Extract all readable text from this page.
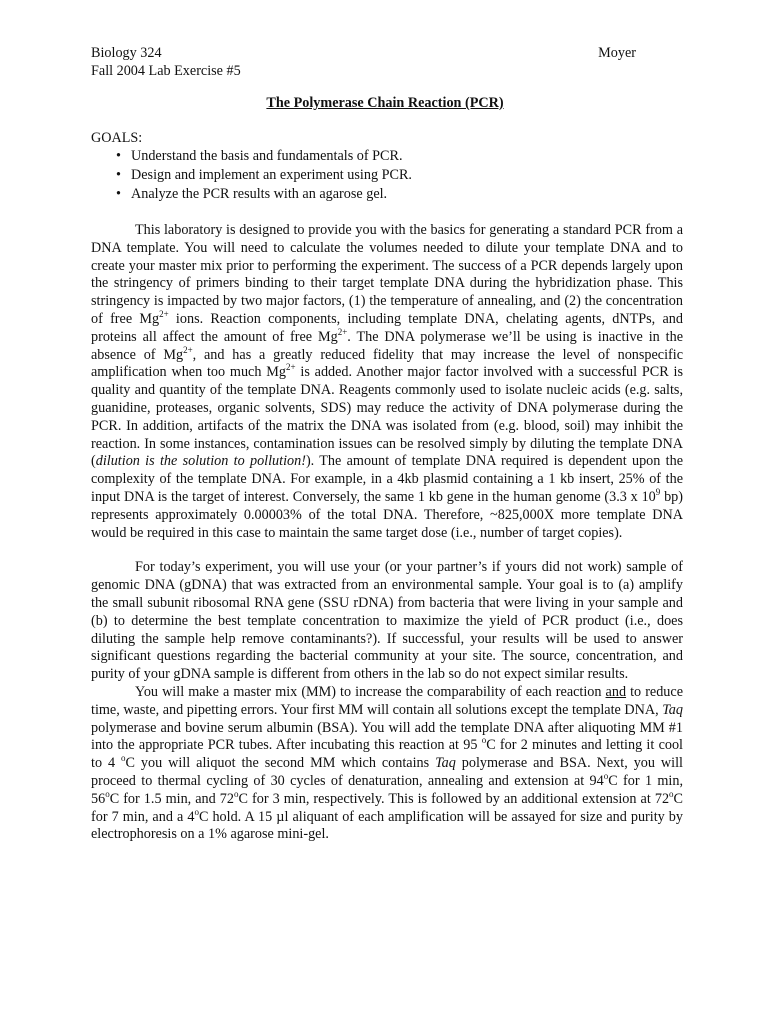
Biology 324
Fall 2004 Lab Exercise #5
Moyer
The Polymerase Chain Reaction (PCR)
GOALS:
• Understand the basis and fundamentals of PCR.
• Design and implement an experiment using PCR.
• Analyze the PCR results with an agarose gel.

This laboratory is designed to provide you with the basics for generating a standard PCR from a DNA template. You will need to calculate the volumes needed to dilute your template DNA and to create your master mix prior to performing the experiment. The success of a PCR depends largely upon the stringency of primers binding to their target template DNA during the hybridization phase. This stringency is impacted by two major factors, (1) the temperature of annealing, and (2) the concentration of free $Mg^{2+}$ ions. Reaction components, including template DNA, chelating agents, dNTPs, and proteins all affect the amount of free $Mg^{2+}$. The DNA polymerase we’ll be using is inactive in the absence of $Mg^{2+}$, and has a greatly reduced fidelity that may increase the level of nonspecific amplification when too much $Mg^{2+}$ is added. Another major factor involved with a successful PCR is quality and quantity of the template DNA. Reagents commonly used to isolate nucleic acids (e.g. salts, guanidine, proteases, organic solvents, SDS) may reduce the activity of DNA polymerase during the PCR. In addition, artifacts of the matrix the DNA was isolated from (e.g. blood, soil) may inhibit the reaction. In some instances, contamination issues can be resolved simply by diluting the template DNA (dilution is the solution to pollution!). The amount of template DNA required is dependent upon the complexity of the template DNA. For example, in a 4kb plasmid containing a 1 kb insert, 25% of the input DNA is the target of interest. Conversely, the same 1 kb gene in the human genome (3.3 x $10^9$ bp) represents approximately 0.00003% of the total DNA. Therefore, ~825,000X more template DNA would be required in this case to maintain the same target dose (i.e., number of target copies).

For today’s experiment, you will use your (or your partner’s if yours did not work) sample of genomic DNA (gDNA) that was extracted from an environmental sample. Your goal is to (a) amplify the small subunit ribosomal RNA gene (SSU rDNA) from bacteria that were living in your sample and (b) to determine the best template concentration to maximize the yield of PCR product (i.e., does diluting the sample help remove contaminants?). If successful, your results will be used to answer significant questions regarding the bacterial community at your site. The source, concentration, and purity of your gDNA sample is different from others in the lab so do not expect similar results.

You will make a master mix (MM) to increase the comparability of each reaction and to reduce time, waste, and pipetting errors. Your first MM will contain all solutions except the template DNA, Taq polymerase and bovine serum albumin (BSA). You will add the template DNA after aliquoting MM #1 into the appropriate PCR tubes. After incubating this reaction at 95 $^o$C for 2 minutes and letting it cool to 4 $^o$C you will aliquot the second MM which contains Taq polymerase and BSA. Next, you will proceed to thermal cycling of 30 cycles of denaturation, annealing and extension at 94$^o$C for 1 min, 56$^o$C for 1.5 min, and 72$^o$C for 3 min, respectively. This is followed by an additional extension at 72$^o$C for 7 min, and a 4$^o$C hold. A 15 µl aliquant of each amplification will be assayed for size and purity by electrophoresis on a 1% agarose mini-gel.
